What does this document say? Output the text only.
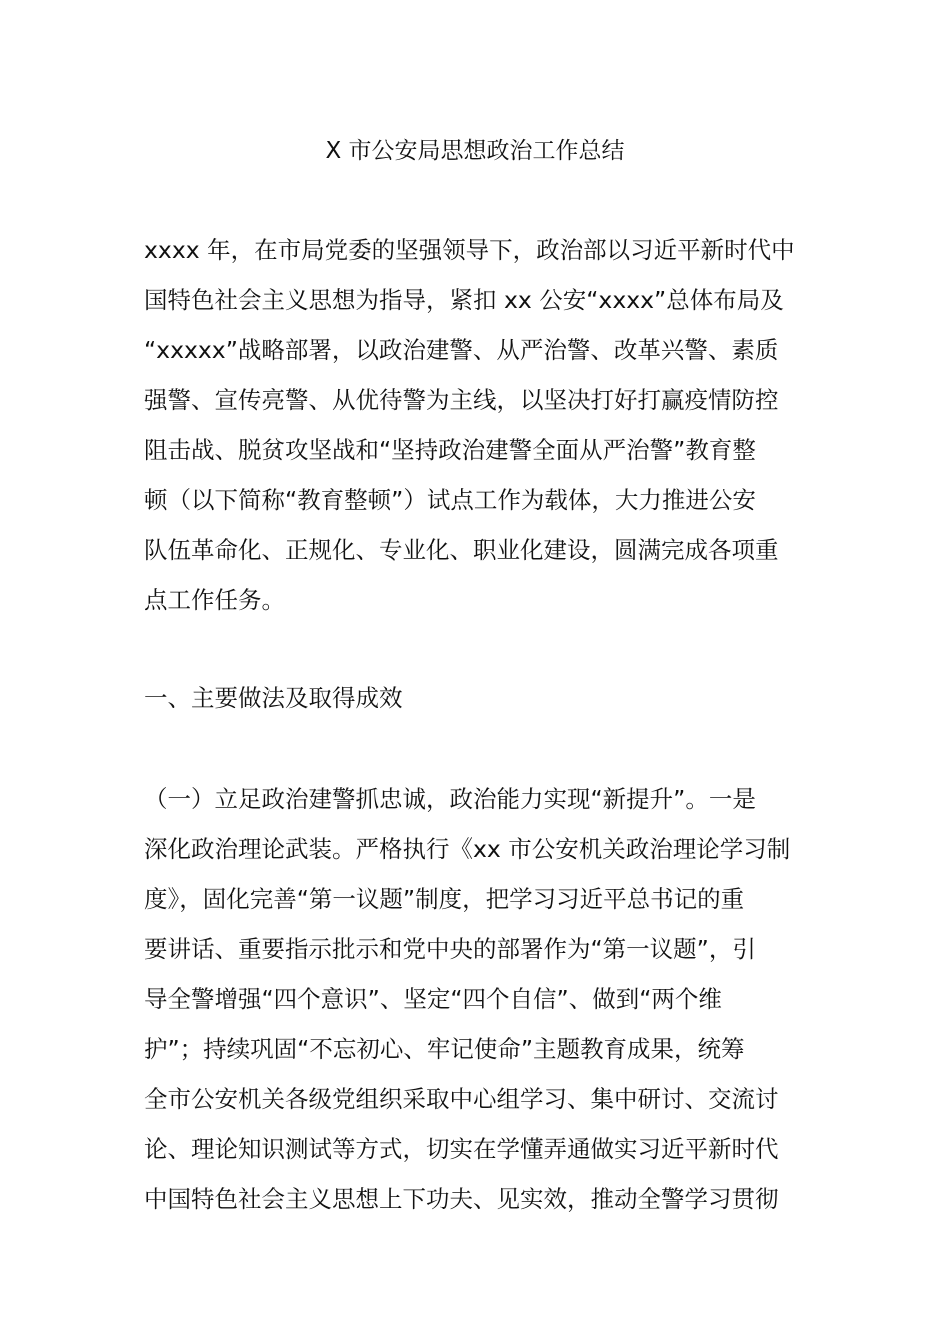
X 市公安局思想政治工作总结

xxxx 年，在市局党委的坚强领导下，政治部以习近平新时代中
国特色社会主义思想为指导，紧扣 xx 公安“xxxx”总体布局及
“xxxxx”战略部署，以政治建警、从严治警、改革兴警、素质
强警、宣传亮警、从优待警为主线，以坚决打好打赢疫情防控
阻击战、脱贫攻坚战和“坚持政治建警全面从严治警”教育整
顿（以下简称“教育整顿”）试点工作为载体，大力推进公安
队伍革命化、正规化、专业化、职业化建设，圆满完成各项重
点工作任务。

一、主要做法及取得成效

（一）立足政治建警抓忠诚，政治能力实现“新提升”。一是
深化政治理论武装。严格执行《xx 市公安机关政治理论学习制
度》，固化完善“第一议题”制度，把学习习近平总书记的重
要讲话、重要指示批示和党中央的部署作为“第一议题”，引
导全警增强“四个意识”、坚定“四个自信”、做到“两个维
护”；持续巩固“不忘初心、牢记使命”主题教育成果，统筹
全市公安机关各级党组织采取中心组学习、集中研讨、交流讨
论、理论知识测试等方式，切实在学懂弄通做实习近平新时代
中国特色社会主义思想上下功夫、见实效，推动全警学习贯彻
